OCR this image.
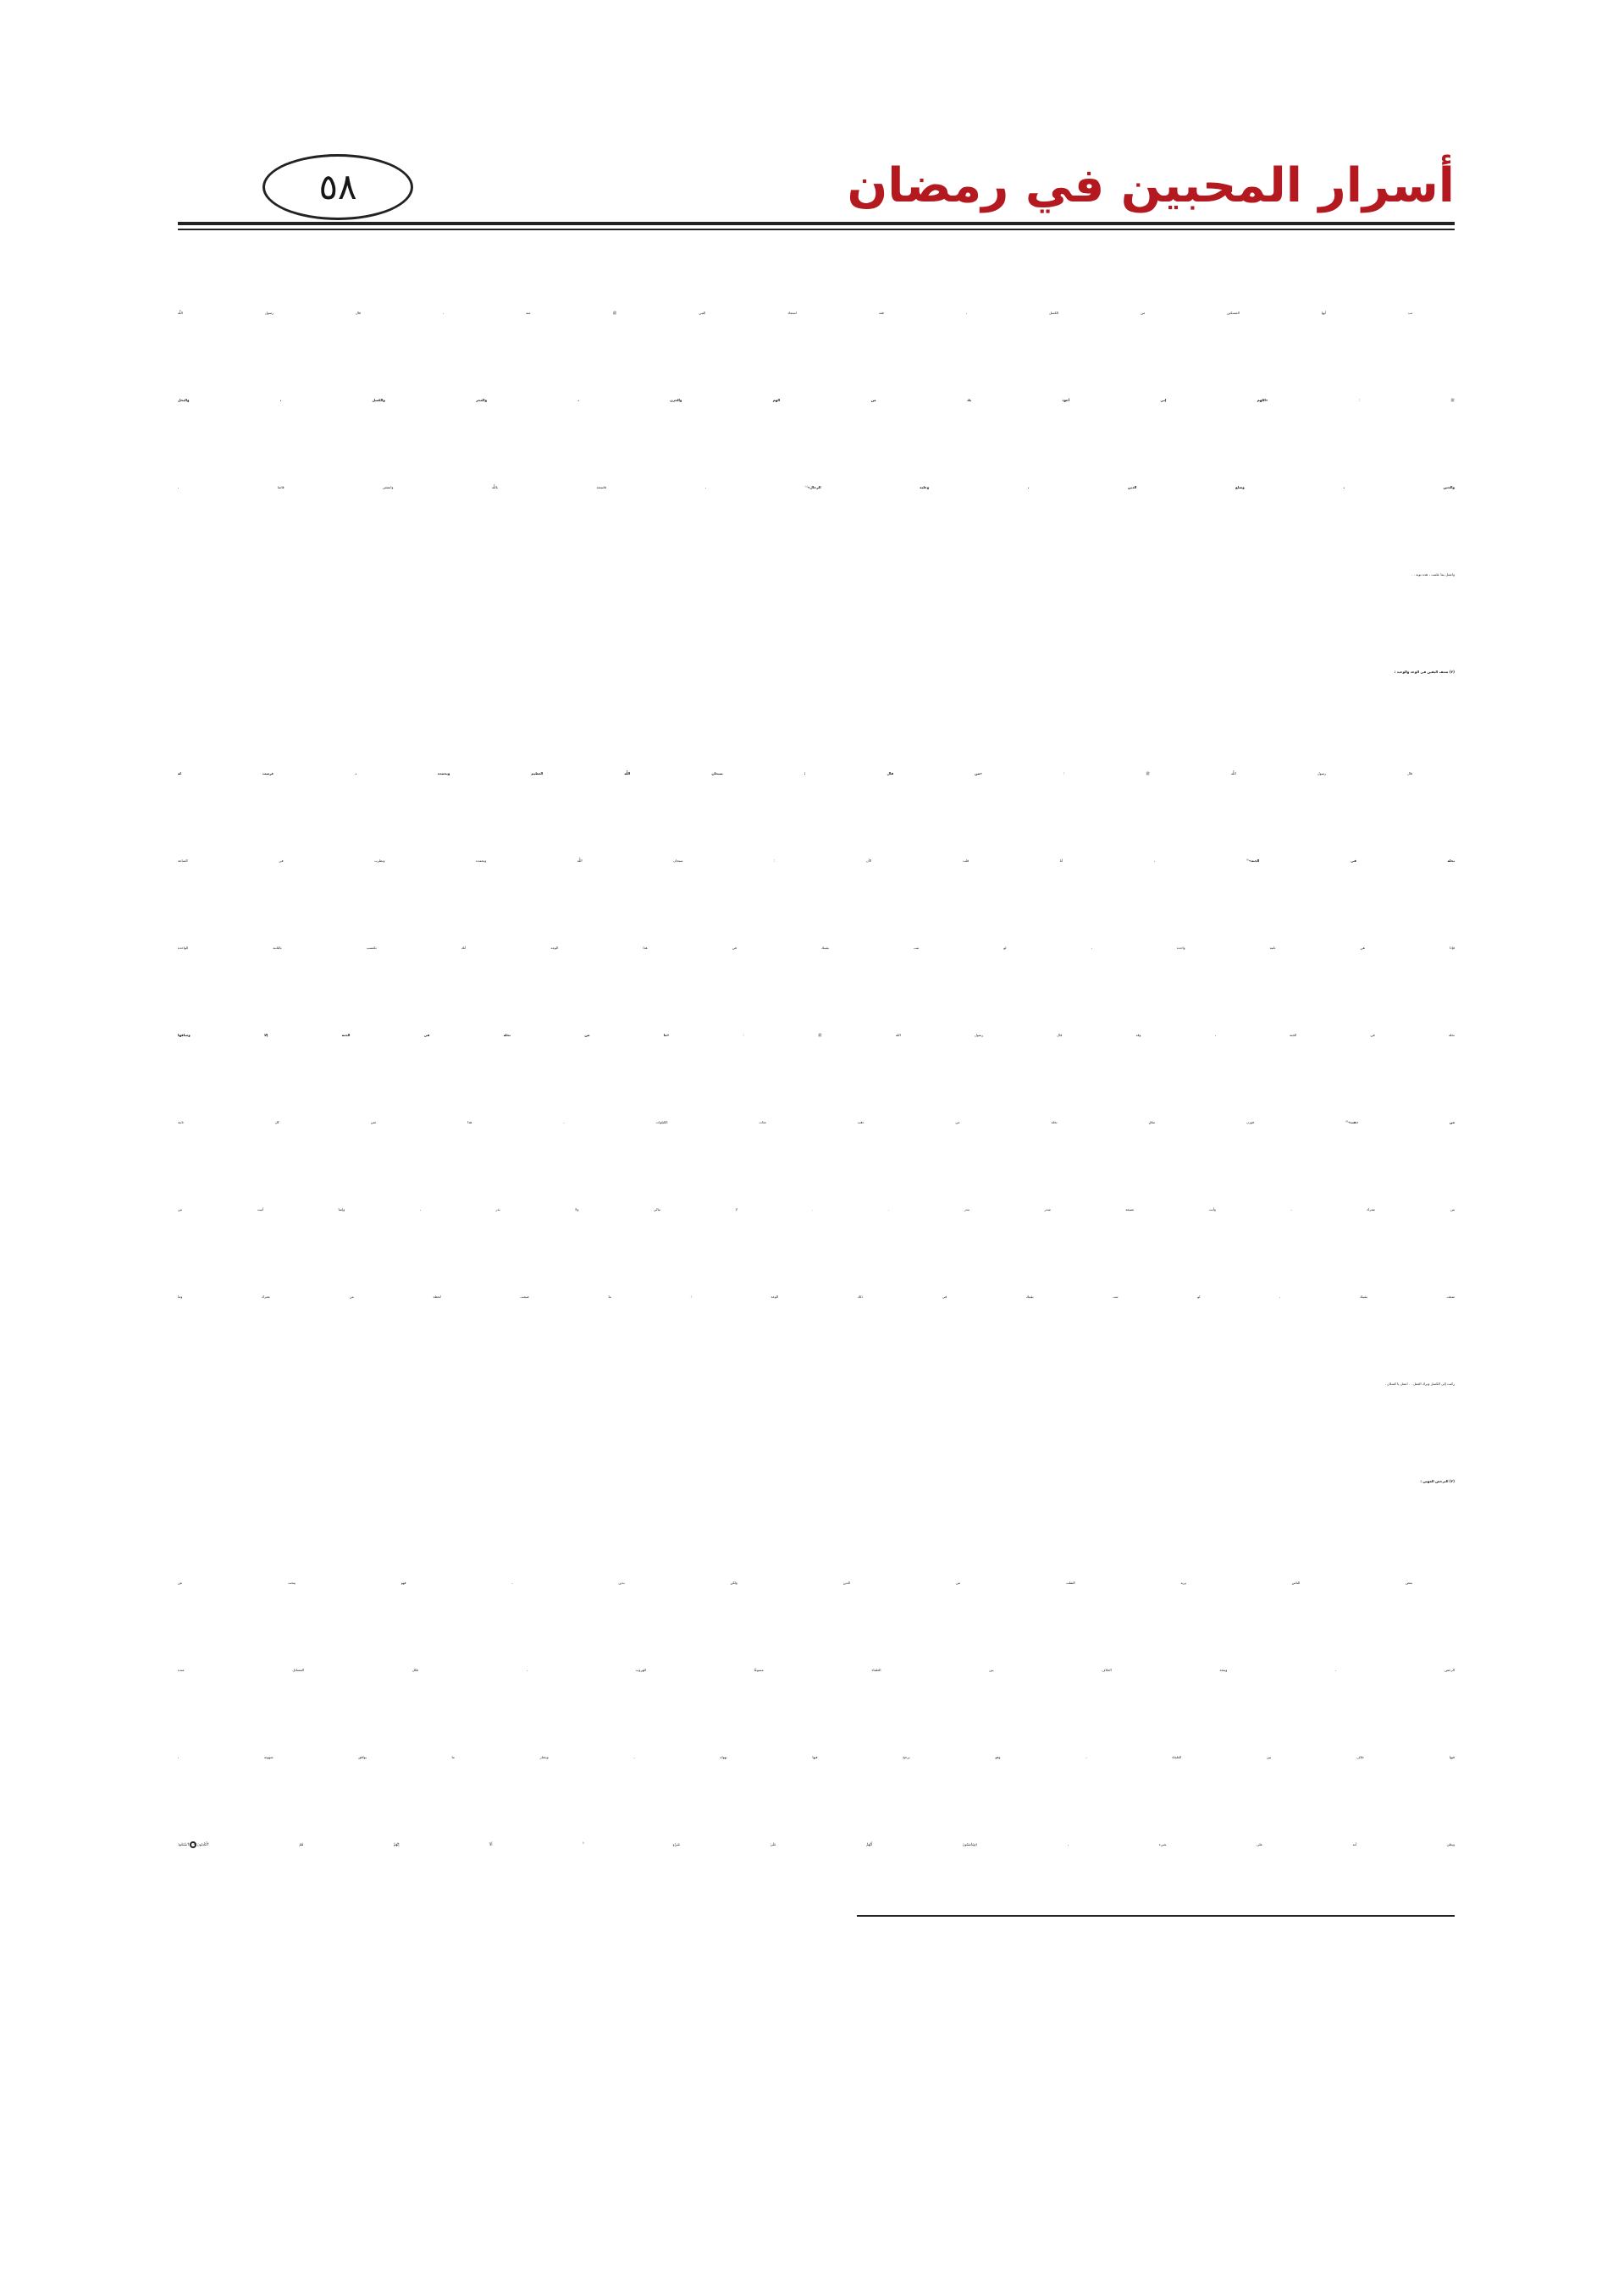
أسرار المحبين في رمضان
٥٨
تب أيها المسكين من الكسل ، فقد استعاذ النبي ﷺ منه ، قال رسول اللَّه
ﷺ : «اللهم إني أعوذ بك من الهم والحزن ، والعجز والكسل ، والبخل
والجبن ، وضلع الدين ، وغلبة الرجال»$^{(١)}$ ، فاستعذ باللَّه وانتفض قائما ،
واعمل بما علمت ، هذه توبة . .
(٢) ضعف اليقين في الوعد والوعيد :
قال رسول اللَّه ﷺ : «من قال : سبحان اللَّه العظيم وبحمده ، غرست له
نخلة في الجنة»$^{(٢)}$ ، أنا قلت الآن : سبحان اللَّه وبحمده ونظرت في الساعة
فإذا هي ثانية واحدة ، لو ثبت يقينك في هذا الوعد أنك تكتسب بالثانية الواحدة
نخلة في الجنة ، وقد قال رسول الله ﷺ : «ما من نخلة في الجنة إلا وساقها
من ذهب»$^{(٣)}$ فوزن ساق نخلة من ذهب مئات الكيلوات ، هذا ثمن كل ثانية
من عمرك ، وأنت تضيعه شذر مذر . . لا تبالي ولا تذر ، وإنما أتيت من
ضعف يقينك ، لو ثبت يقينك في ذلك الوعد ؛ ما ضيعت لحظة من عمرك وما
ركنت إلى الكسل وترك العمل . . اعمل يا كسلان .
(٣) الترخص المهين :
بعض الناس يريد التفلت من الدين ولكن بدين ، فهو يبحث عن
الرخص ، ويتخذ الخلاف بين العلماء مسوغًا للهروب ، فكل المسائل عنده
فيها خلاف بين العلماء ، وهو يرجح فيها بهواه ، ويختار ما يوافق شهوته ،
ويظن أنه على شيء ، ﴿وَيَحْسَبُونَ أَنَّهُمْ عَلَىٰ شَيْءٍ ۚ أَلَآ إِنَّهُمْ هُمُ ٱلْكَٰذِبُونَ١٨ٱسْتَحْوَذَ
